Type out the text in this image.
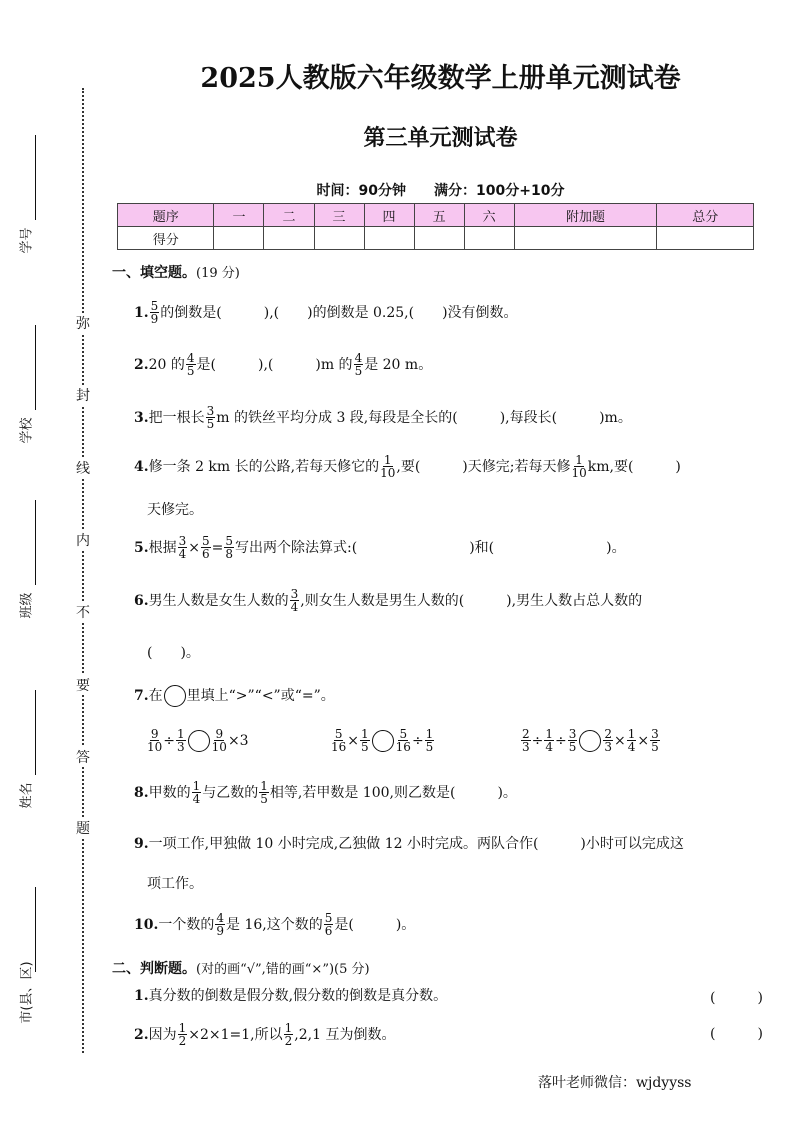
2025人教版六年级数学上册单元测试卷
第三单元测试卷
时间：90分钟 满分：100分+10分
题序	一	二	三	四	五	六	附加题	总分
得分								
学号
学校
班级
姓名
市(县、区)
弥
封
线
内
不
要
答
题
一、填空题。(19 分)
1. $\frac{5}{9}$ 的倒数是(　　　),(　　)的倒数是 0.25,(　　)没有倒数。
2. 20 的 $\frac{4}{5}$ 是(　　　),(　　　)m 的 $\frac{4}{5}$ 是 20 m。
3. 把一根长 $\frac{3}{5}$ m 的铁丝平均分成 3 段,每段是全长的(　　　),每段长(　　　)m。
4. 修一条 2 km 长的公路,若每天修它的 $\frac{1}{10}$ ,要(　　　)天修完;若每天修 $\frac{1}{10}$ km,要(　　　)
天修完。
5. 根据 $\frac{3}{4} \times \frac{5}{6} = \frac{5}{8}$ 写出两个除法算式:(　　　　　　　　)和(　　　　　　　　)。
6. 男生人数是女生人数的 $\frac{3}{4}$ ,则女生人数是男生人数的(　　　),男生人数占总人数的
(　　)。
7. 在 里填上“>”“<”或“=”。
$\frac{9}{10} \div \frac{1}{3} \frac{9}{10} \times 3$	$\frac{5}{16} \times \frac{1}{5} \frac{5}{16} \div \frac{1}{5}$	$\frac{2}{3} \div \frac{1}{4} \div \frac{3}{5} \frac{2}{3} \times \frac{1}{4} \times \frac{3}{5}$
8. 甲数的 $\frac{1}{4}$ 与乙数的 $\frac{1}{5}$ 相等,若甲数是 100,则乙数是(　　　)。
9. 一项工作,甲独做 10 小时完成,乙独做 12 小时完成。两队合作(　　　)小时可以完成这
项工作。
10. 一个数的 $\frac{4}{9}$ 是 16,这个数的 $\frac{5}{6}$ 是(　　　)。
二、判断题。(对的画“√”,错的画“×”)(5 分)
1. 真分数的倒数是假分数,假分数的倒数是真分数。	(　　　)
2. 因为 $\frac{1}{2} \times 2\times 1=1$,所以 $\frac{1}{2} ,2,1$ 互为倒数。	(　　　)
落叶老师微信：wjdyyss
